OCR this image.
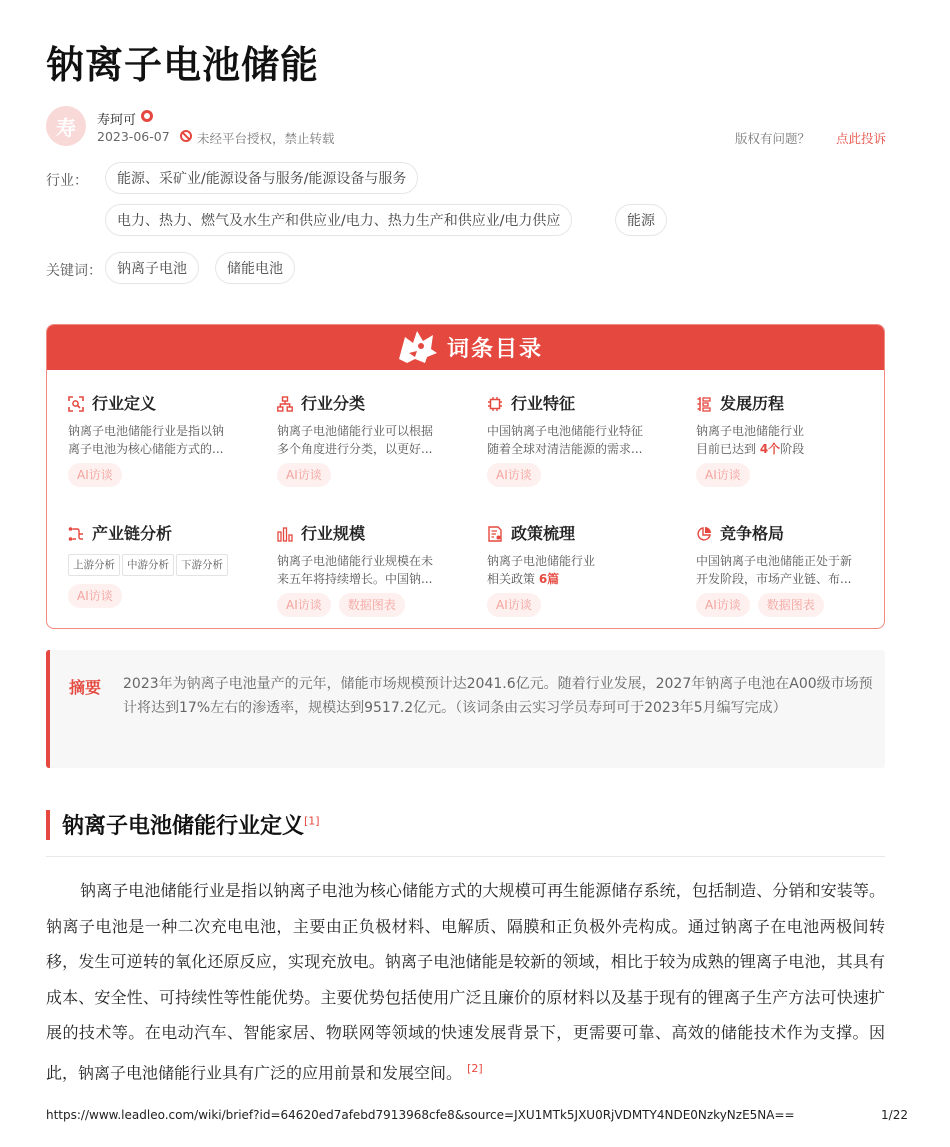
钠离子电池储能
寿	寿珂可
2023-06-07 未经平台授权，禁止转载	版权有问题？ 点此投诉
行业：	能源、采矿业/能源设备与服务/能源设备与服务
电力、热力、燃气及水生产和供应业/电力、热力生产和供应业/电力供应	能源
关键词：	钠离子电池	储能电池
词条目录
行业定义
钠离子电池储能行业是指以钠
离子电池为核心储能方式的...
AI访谈
行业分类
钠离子电池储能行业可以根据
多个角度进行分类，以更好...
AI访谈
行业特征
中国钠离子电池储能行业特征
随着全球对清洁能源的需求...
AI访谈
发展历程
钠离子电池储能行业
目前已达到 4个阶段
AI访谈
产业链分析
上游分析 中游分析 下游分析
AI访谈
行业规模
钠离子电池储能行业规模在未
来五年将持续增长。中国钠...
AI访谈 数据图表
政策梳理
钠离子电池储能行业
相关政策 6篇
AI访谈
竞争格局
中国钠离子电池储能正处于新
开发阶段，市场产业链、布...
AI访谈 数据图表
摘要 2023年为钠离子电池量产的元年，储能市场规模预计达2041.6亿元。随着行业发展，2027年钠离子电池在A00级市场预计将达到17%左右的渗透率，规模达到9517.2亿元。（该词条由云实习学员寿珂可于2023年5月编写完成）

钠离子电池储能行业定义[1]

钠离子电池储能行业是指以钠离子电池为核心储能方式的大规模可再生能源储存系统，包括制造、分销和安装等。钠离子电池是一种二次充电电池，主要由正负极材料、电解质、隔膜和正负极外壳构成。通过钠离子在电池两极间转移，发生可逆转的氧化还原反应，实现充放电。钠离子电池储能是较新的领域，相比于较为成熟的锂离子电池，其具有成本、安全性、可持续性等性能优势。主要优势包括使用广泛且廉价的原材料以及基于现有的锂离子生产方法可快速扩展的技术等。在电动汽车、智能家居、物联网等领域的快速发展背景下，更需要可靠、高效的储能技术作为支撑。因此，钠离子电池储能行业具有广泛的应用前景和发展空间。 [2]

https://www.leadleo.com/wiki/brief?id=64620ed7afebd7913968cfe8&source=JXU1MTk5JXU0RjVDMTY4NDE0NzkyNzE5NA==	1/22
